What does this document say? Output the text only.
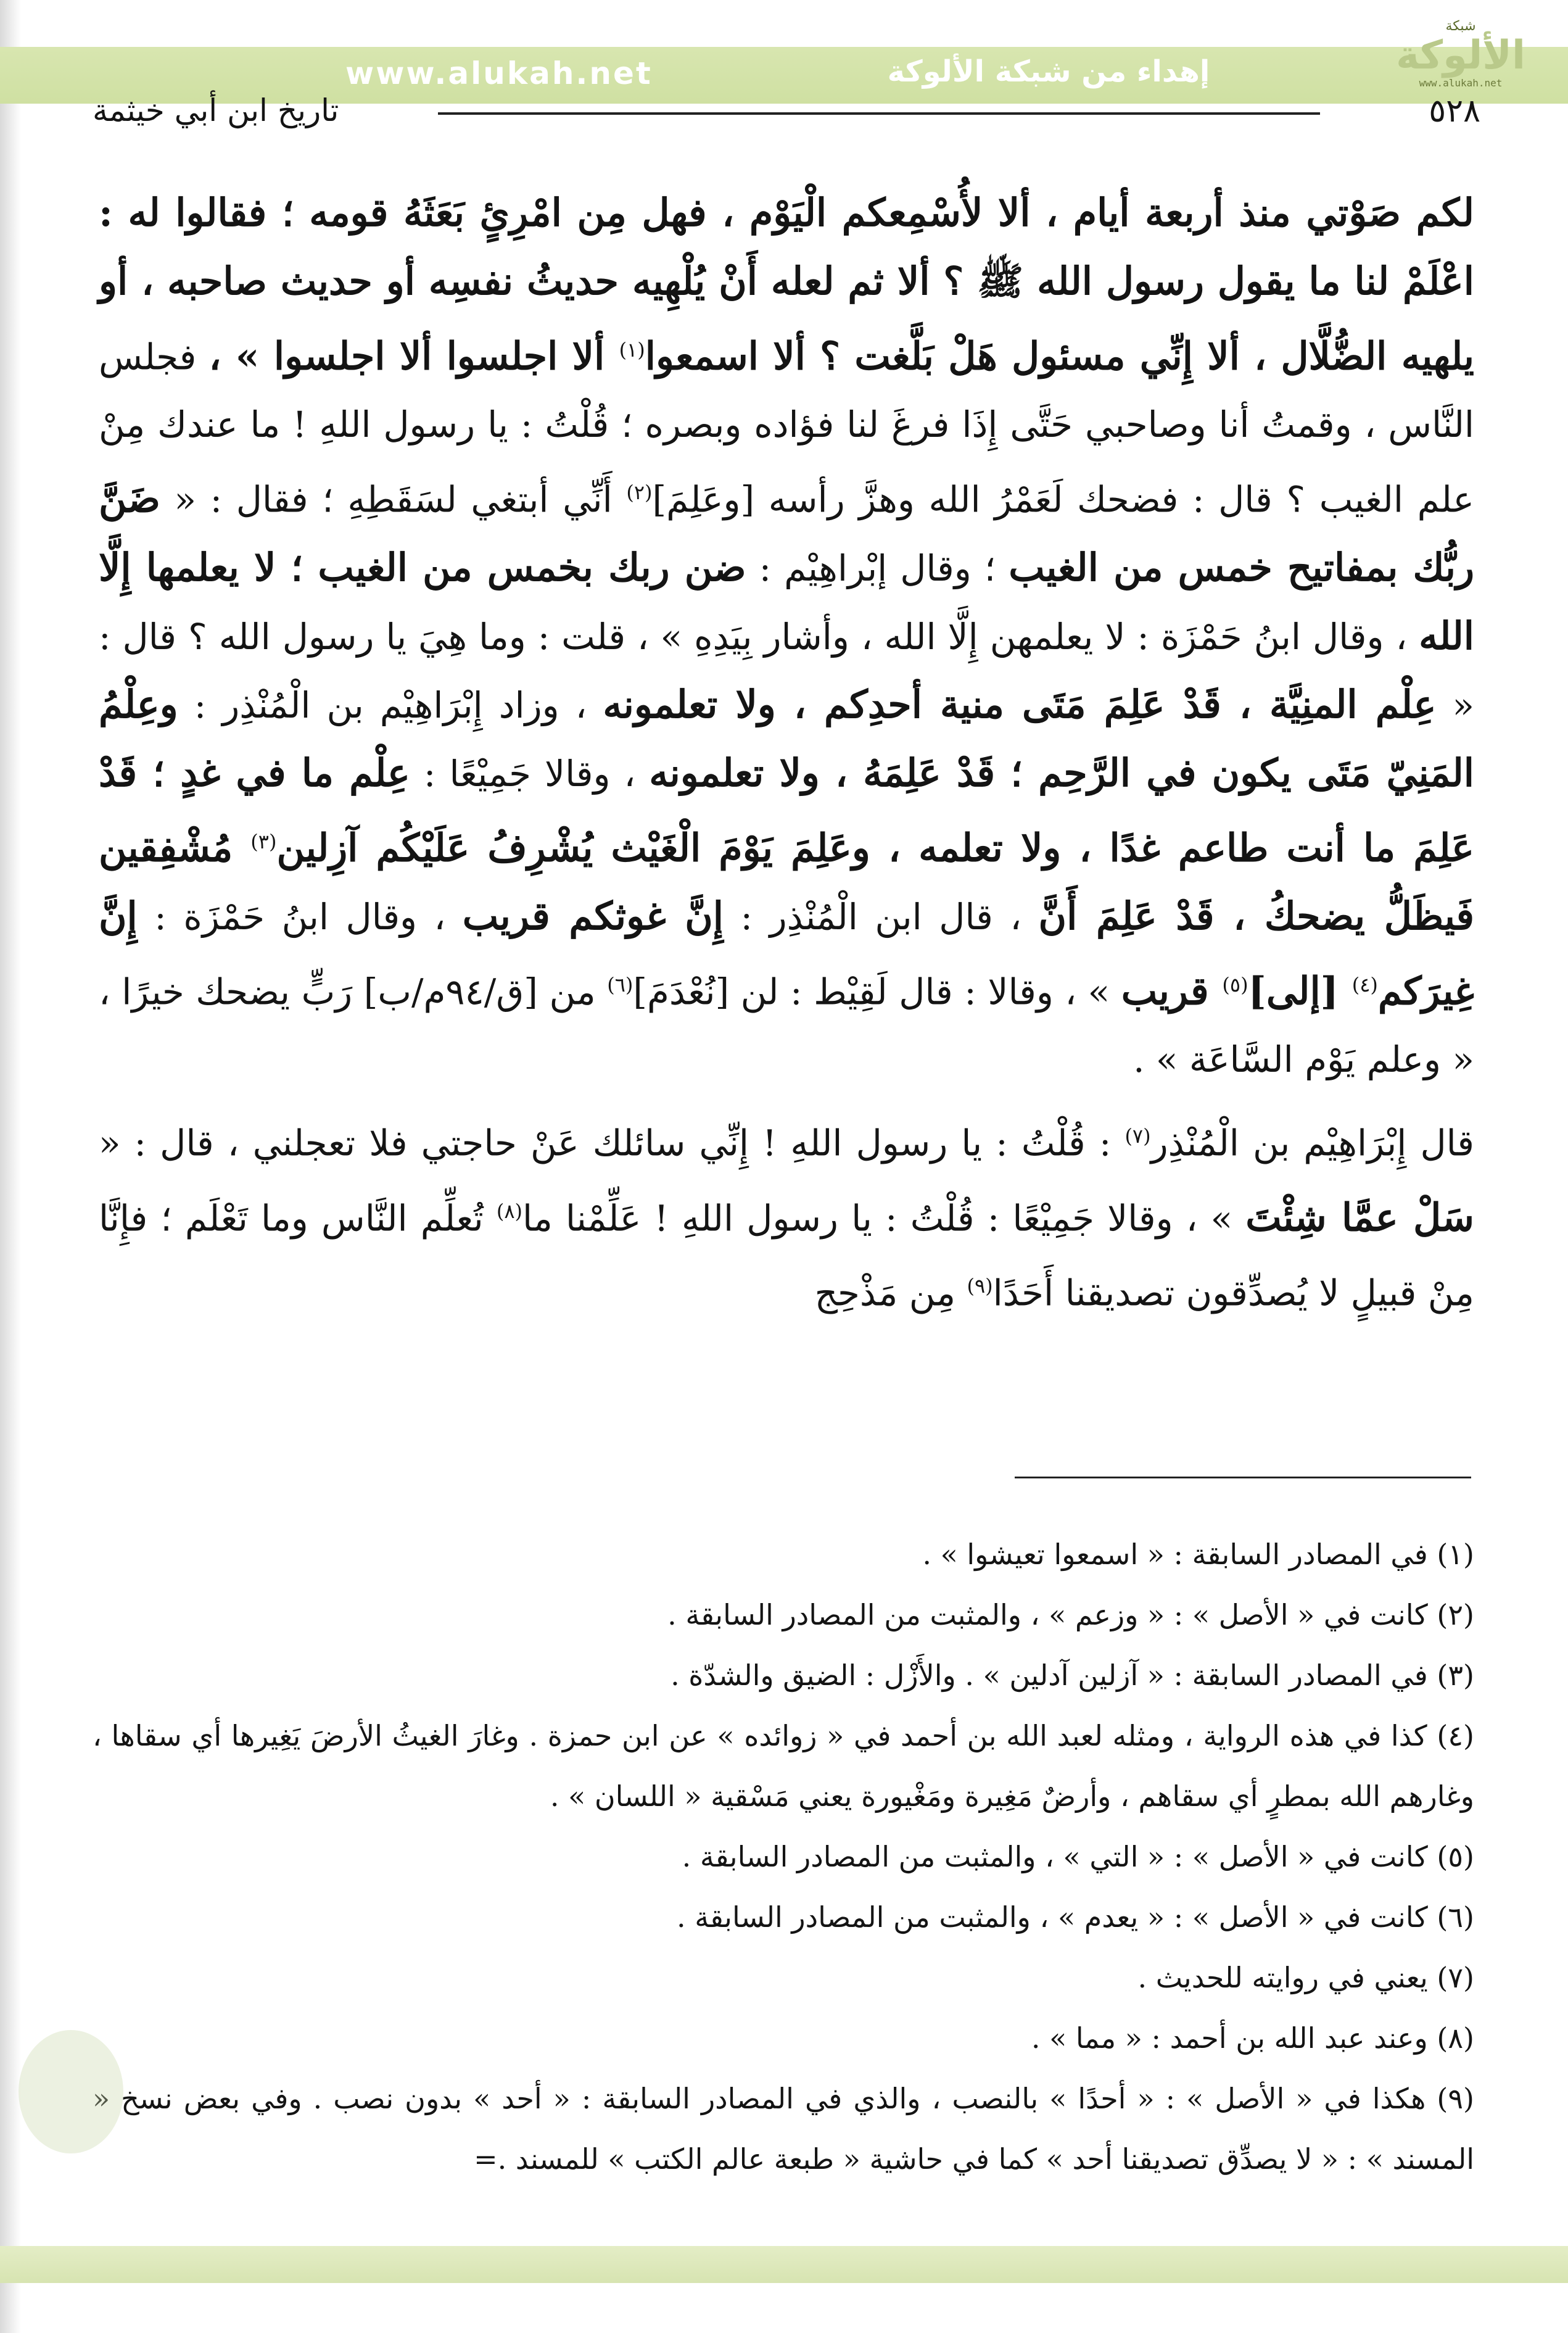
www.alukah.net	إهداء من شبكة الألوكة
شبكة
الألوكة
www.alukah.net
٥٢٨
تاريخ ابن أبي خيثمة

لكم صَوْتي منذ أربعة أيام ، ألا لأُسْمِعكم الْيَوْم ، فهل مِن امْرِئٍ بَعَثَهُ قومه ؛ فقالوا له : اعْلَمْ لنا ما يقول رسول الله ﷺ ؟ ألا ثم لعله أَنْ يُلْهِيه حديثُ نفسِه أو حديث صاحبه ، أو يلهيه الضُّلَّال ، ألا إِنِّي مسئول هَلْ بَلَّغت ؟ ألا اسمعوا$^{(١)}$ ألا اجلسوا ألا اجلسوا » ، فجلس النَّاس ، وقمتُ أنا وصاحبي حَتَّى إِذَا فرغَ لنا فؤاده وبصره ؛ قُلْتُ : يا رسول اللهِ ! ما عندك مِنْ علم الغيب ؟ قال : فضحك لَعَمْرُ الله وهزَّ رأسه [وعَلِمَ]$^{(٢)}$ أَنِّي أبتغي لسَقَطِهِ ؛ فقال : « ضَنَّ ربُّك بمفاتيح خمس من الغيب ؛ وقال إبْراهِيْم : ضن ربك بخمس من الغيب ؛ لا يعلمها إِلَّا الله ، وقال ابنُ حَمْزَة : لا يعلمهن إِلَّا الله ، وأشار بِيَدِهِ » ، قلت : وما هِيَ يا رسول الله ؟ قال : « عِلْم المنِيَّة ، قَدْ عَلِمَ مَتَى منية أحدِكم ، ولا تعلمونه ، وزاد إِبْرَاهِيْم بن الْمُنْذِر : وعِلْمُ المَنِيّ مَتَى يكون في الرَّحِم ؛ قَدْ عَلِمَهُ ، ولا تعلمونه ، وقالا جَمِيْعًا : عِلْم ما في غدٍ ؛ قَدْ عَلِمَ ما أنت طاعم غدًا ، ولا تعلمه ، وعَلِمَ يَوْمَ الْغَيْث يُشْرِفُ عَلَيْكُم آزِلين$^{(٣)}$ مُشْفِقين فَيظَلُّ يضحكُ ، قَدْ عَلِمَ أَنَّ ، قال ابن الْمُنْذِر : إِنَّ غوثكم قريب ، وقال ابنُ حَمْزَة : إِنَّ غِيرَكم$^{(٤)}$ [إلى]$^{(٥)}$ قريب » ، وقالا : قال لَقِيْط : لن [نُعْدَمَ]$^{(٦)}$ من [ق/٩٤م/ب] رَبٍّ يضحك خيرًا ، « وعلم يَوْم السَّاعَة » .

قال إِبْرَاهِيْم بن الْمُنْذِر$^{(٧)}$ : قُلْتُ : يا رسول اللهِ ! إِنِّي سائلك عَنْ حاجتي فلا تعجلني ، قال : « سَلْ عمَّا شِئْتَ » ، وقالا جَمِيْعًا : قُلْتُ : يا رسول اللهِ ! عَلِّمْنا ما$^{(٨)}$ تُعلِّم النَّاس وما تَعْلَم ؛ فإِنَّا مِنْ قبيلٍ لا يُصدِّقون تصديقنا أَحَدًا$^{(٩)}$ مِن مَذْحِج

(١) في المصادر السابقة : « اسمعوا تعيشوا » .

(٢) كانت في « الأصل » : « وزعم » ، والمثبت من المصادر السابقة .

(٣) في المصادر السابقة : « آزلين آدلين » . والأَزْل : الضيق والشدّة .

(٤) كذا في هذه الرواية ، ومثله لعبد الله بن أحمد في « زوائده » عن ابن حمزة . وغارَ الغيثُ الأرضَ يَغِيرها أي سقاها ، وغارهم الله بمطرٍ أي سقاهم ، وأرضٌ مَغِيرة ومَغْيورة يعني مَسْقية « اللسان » .

(٥) كانت في « الأصل » : « التي » ، والمثبت من المصادر السابقة .

(٦) كانت في « الأصل » : « يعدم » ، والمثبت من المصادر السابقة .

(٧) يعني في روايته للحديث .

(٨) وعند عبد الله بن أحمد : « مما » .

(٩) هكذا في « الأصل » : « أحدًا » بالنصب ، والذي في المصادر السابقة : « أحد » بدون نصب . وفي بعض نسخ « المسند » : « لا يصدِّق تصديقنا أحد » كما في حاشية « طبعة عالم الكتب » للمسند .=
